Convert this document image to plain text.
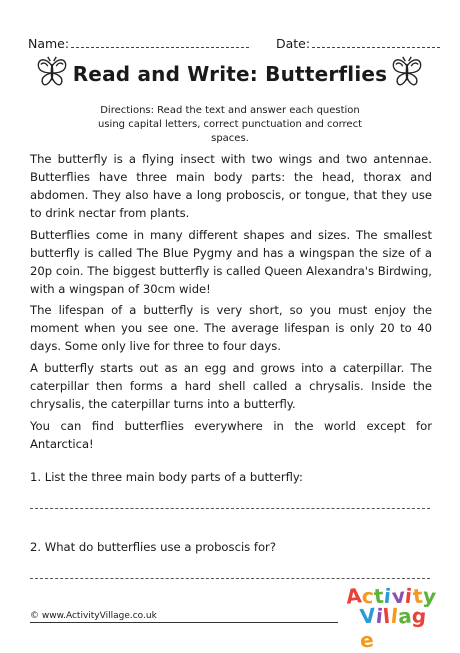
Name:	Date:
Read and Write: Butterflies
Directions: Read the text and answer each question using capital letters, correct punctuation and correct spaces.

The butterfly is a flying insect with two wings and two antennae. Butterflies have three main body parts: the head, thorax and abdomen. They also have a long proboscis, or tongue, that they use to drink nectar from plants.

Butterflies come in many different shapes and sizes. The smallest butterfly is called The Blue Pygmy and has a wingspan the size of a 20p coin. The biggest butterfly is called Queen Alexandra's Birdwing, with a wingspan of 30cm wide!

The lifespan of a butterfly is very short, so you must enjoy the moment when you see one. The average lifespan is only 20 to 40 days. Some only live for three to four days.

A butterfly starts out as an egg and grows into a caterpillar. The caterpillar then forms a hard shell called a chrysalis. Inside the chrysalis, the caterpillar turns into a butterfly.

You can find butterflies everywhere in the world except for Antarctica!

1. List the three main body parts of a butterfly:
2. What do butterflies use a proboscis for?
© www.ActivityVillage.co.uk
Activity
Village
